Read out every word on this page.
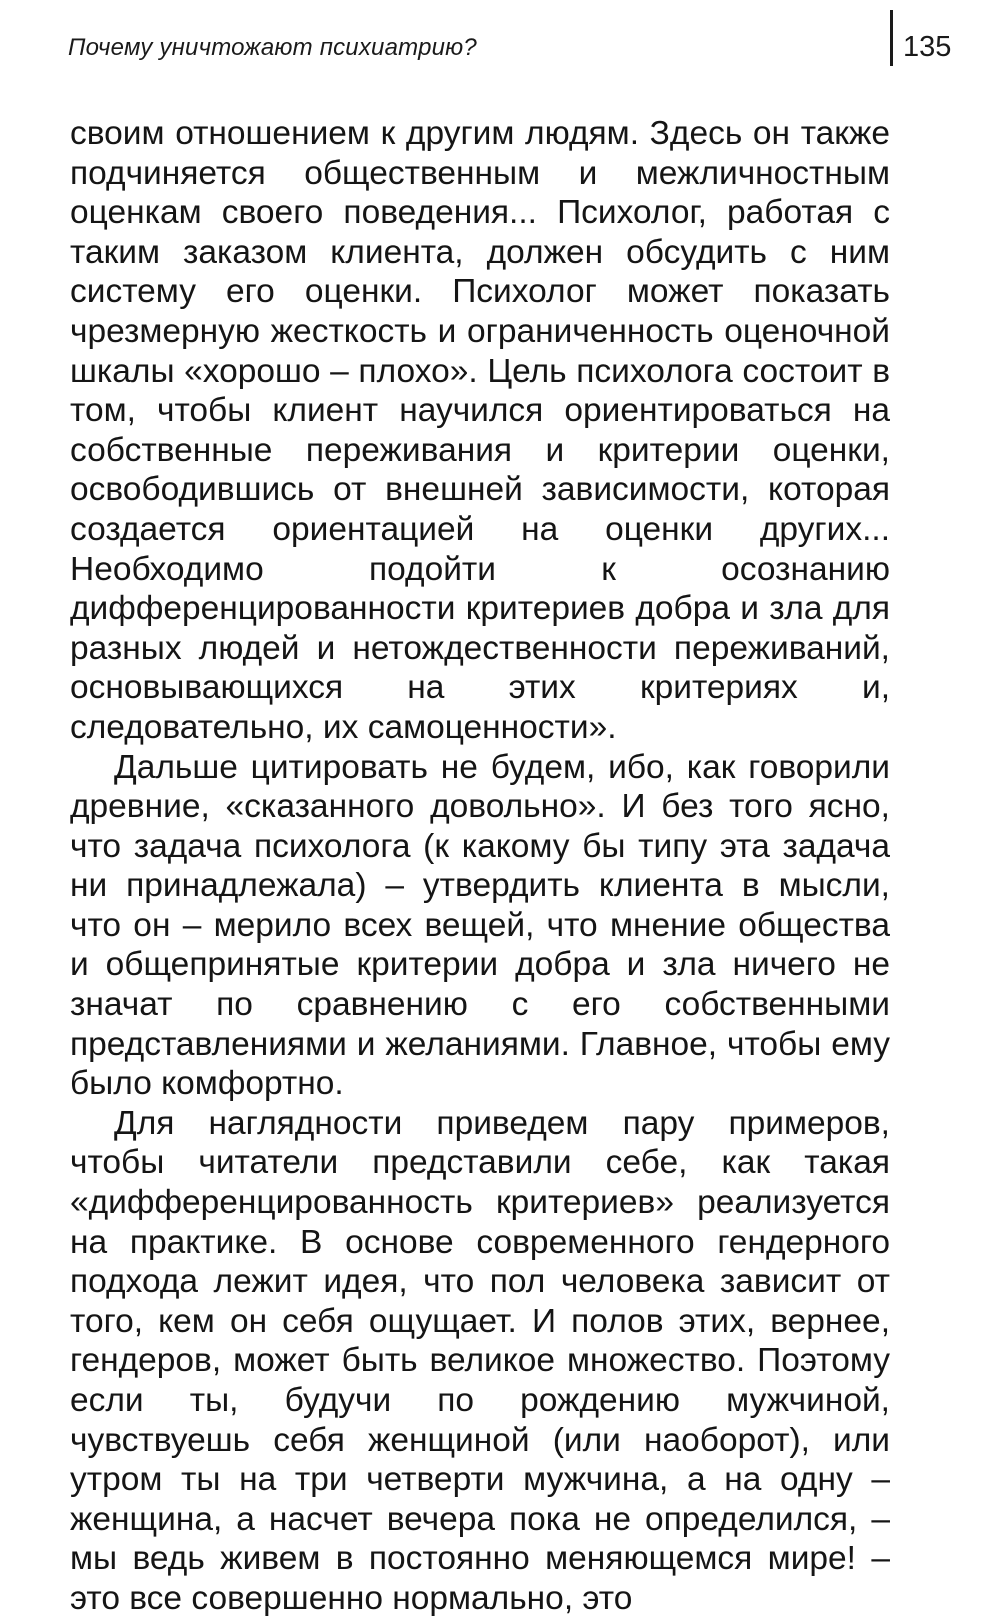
Почему уничтожают психиатрию?	135

своим отношением к другим людям. Здесь он также подчиняется общественным и межличностным оценкам своего поведения... Психолог, работая с таким заказом клиента, должен обсудить с ним систему его оценки. Психолог может показать чрезмерную жесткость и ограниченность оценочной шкалы «хорошо – плохо». Цель психолога состоит в том, чтобы клиент научился ориентироваться на собственные переживания и критерии оценки, освободившись от внешней зависимости, которая создается ориентацией на оценки других... Необходимо подойти к осознанию дифференцированности критериев добра и зла для разных людей и нетождественности переживаний, основывающихся на этих критериях и, следовательно, их самоценности».

Дальше цитировать не будем, ибо, как говорили древние, «сказанного довольно». И без того ясно, что задача психолога (к какому бы типу эта задача ни принадлежала) – утвердить клиента в мысли, что он – мерило всех вещей, что мнение общества и общепринятые критерии добра и зла ничего не значат по сравнению с его собственными представлениями и желаниями. Главное, чтобы ему было комфортно.

Для наглядности приведем пару примеров, чтобы читатели представили себе, как такая «дифференцированность критериев» реализуется на практике. В основе современного гендерного подхода лежит идея, что пол человека зависит от того, кем он себя ощущает. И полов этих, вернее, гендеров, может быть великое множество. Поэтому если ты, будучи по рождению мужчиной, чувствуешь себя женщиной (или наоборот), или утром ты на три четверти мужчина, а на одну – женщина, а насчет вечера пока не определился, – мы ведь живем в постоянно меняющемся мире! – это все совершенно нормально, это
